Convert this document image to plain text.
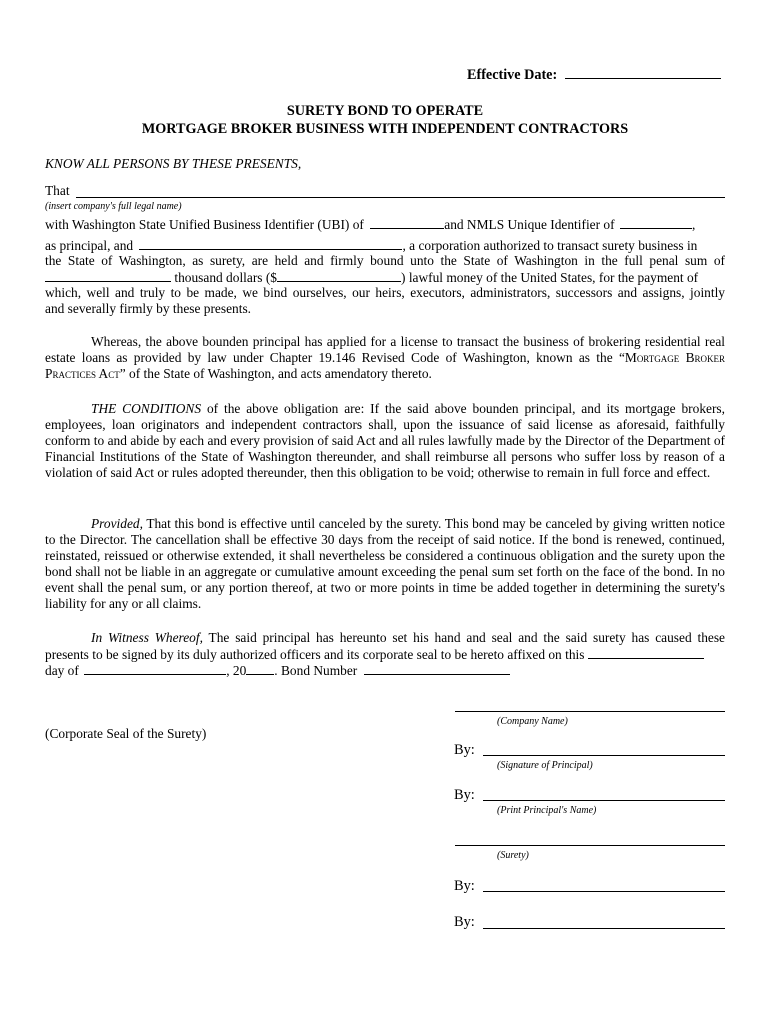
Effective Date:
SURETY BOND TO OPERATE
MORTGAGE BROKER BUSINESS WITH INDEPENDENT CONTRACTORS
KNOW ALL PERSONS BY THESE PRESENTS,
That
(insert company's full legal name)
with Washington State Unified Business Identifier (UBI) of	and NMLS Unique Identifier of	,
as principal, and	, a corporation authorized to transact surety business in
the State of Washington, as surety, are held and firmly bound unto the State of Washington in the full penal sum of
thousand dollars ($	) lawful money of the United States, for the payment of
which, well and truly to be made, we bind ourselves, our heirs, executors, administrators, successors and assigns, jointly
and severally firmly by these presents.
Whereas, the above bounden principal has applied for a license to transact the business of brokering residential real estate loans as provided by law under Chapter 19.146 Revised Code of Washington, known as the “Mortgage Broker Practices Act” of the State of Washington, and acts amendatory thereto.
THE CONDITIONS of the above obligation are: If the said above bounden principal, and its mortgage brokers, employees, loan originators and independent contractors shall, upon the issuance of said license as aforesaid, faithfully conform to and abide by each and every provision of said Act and all rules lawfully made by the Director of the Department of Financial Institutions of the State of Washington thereunder, and shall reimburse all persons who suffer loss by reason of a violation of said Act or rules adopted thereunder, then this obligation to be void; otherwise to remain in full force and effect.
Provided, That this bond is effective until canceled by the surety. This bond may be canceled by giving written notice to the Director. The cancellation shall be effective 30 days from the receipt of said notice. If the bond is renewed, continued, reinstated, reissued or otherwise extended, it shall nevertheless be considered a continuous obligation and the surety upon the bond shall not be liable in an aggregate or cumulative amount exceeding the penal sum set forth on the face of the bond. In no event shall the penal sum, or any portion thereof, at two or more points in time be added together in determining the surety's liability for any or all claims.
In Witness Whereof, The said principal has hereunto set his hand and seal and the said surety has caused these presents to be signed by its duly authorized officers and its corporate seal to be hereto affixed on this
day of	, 20 . Bond Number
(Company Name)
(Corporate Seal of the Surety)
By:
(Signature of Principal)
By:
(Print Principal's Name)
(Surety)
By:
By:
